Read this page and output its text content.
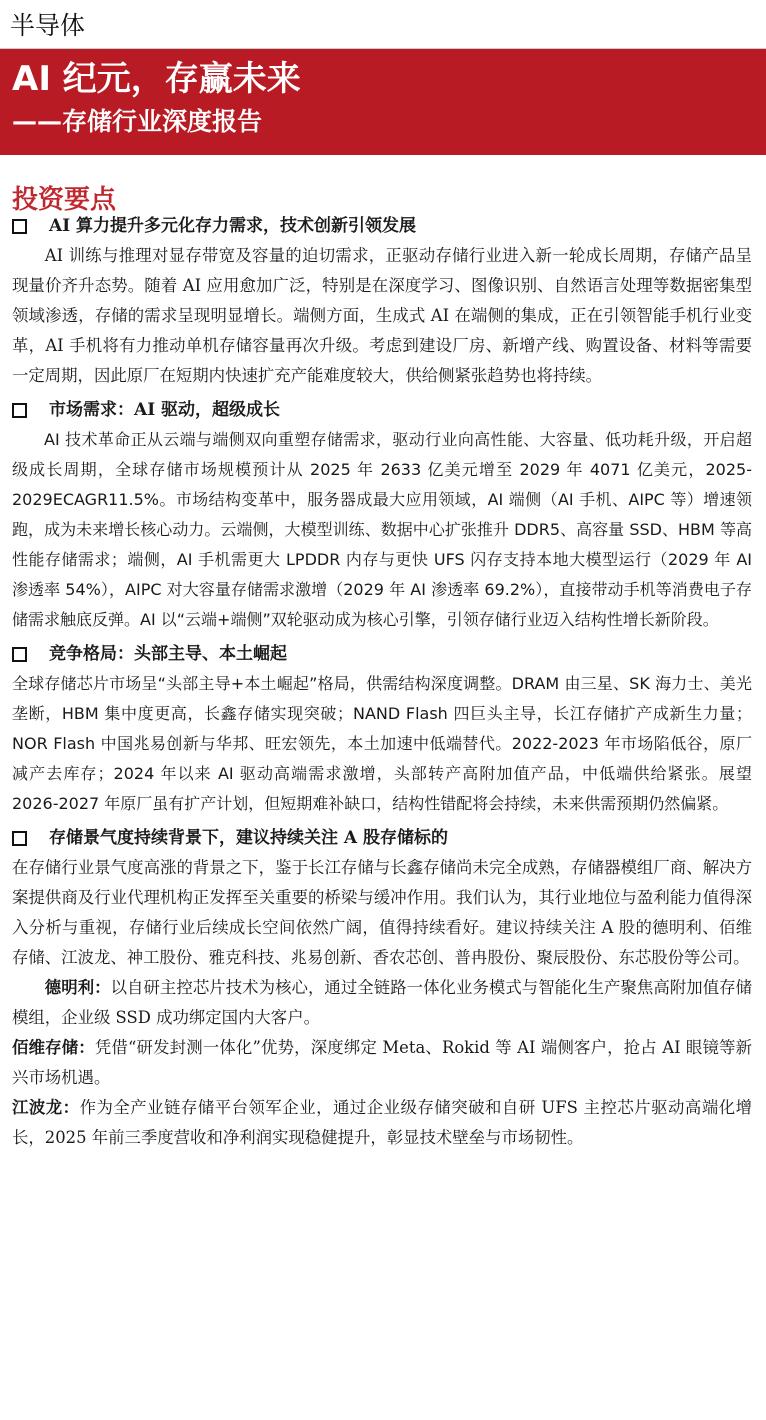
半导体
AI 纪元，存赢未来
——存储行业深度报告
投资要点
AI 算力提升多元化存力需求，技术创新引领发展

AI 训练与推理对显存带宽及容量的迫切需求，正驱动存储行业进入新一轮成长周期，存储产品呈现量价齐升态势。随着 AI 应用愈加广泛，特别是在深度学习、图像识别、自然语言处理等数据密集型领域渗透，存储的需求呈现明显增长。端侧方面，生成式 AI 在端侧的集成，正在引领智能手机行业变革，AI 手机将有力推动单机存储容量再次升级。考虑到建设厂房、新增产线、购置设备、材料等需要一定周期，因此原厂在短期内快速扩充产能难度较大，供给侧紧张趋势也将持续。

市场需求：AI 驱动，超级成长

AI 技术革命正从云端与端侧双向重塑存储需求，驱动行业向高性能、大容量、低功耗升级，开启超级成长周期，全球存储市场规模预计从 2025 年 2633 亿美元增至 2029 年 4071 亿美元，2025-2029ECAGR11.5%。市场结构变革中，服务器成最大应用领域，AI 端侧（AI 手机、AIPC 等）增速领跑，成为未来增长核心动力。云端侧，大模型训练、数据中心扩张推升 DDR5、高容量 SSD、HBM 等高性能存储需求；端侧，AI 手机需更大 LPDDR 内存与更快 UFS 闪存支持本地大模型运行（2029 年 AI 渗透率 54%），AIPC 对大容量存储需求激增（2029 年 AI 渗透率 69.2%），直接带动手机等消费电子存储需求触底反弹。AI 以“云端+端侧”双轮驱动成为核心引擎，引领存储行业迈入结构性增长新阶段。

竞争格局：头部主导、本土崛起

全球存储芯片市场呈“头部主导+本土崛起”格局，供需结构深度调整。DRAM 由三星、SK 海力士、美光垄断，HBM 集中度更高，长鑫存储实现突破；NAND Flash 四巨头主导，长江存储扩产成新生力量；NOR Flash 中国兆易创新与华邦、旺宏领先，本土加速中低端替代。2022-2023 年市场陷低谷，原厂减产去库存；2024 年以来 AI 驱动高端需求激增，头部转产高附加值产品，中低端供给紧张。展望 2026-2027 年原厂虽有扩产计划，但短期难补缺口，结构性错配将会持续，未来供需预期仍然偏紧。

存储景气度持续背景下，建议持续关注 A 股存储标的

在存储行业景气度高涨的背景之下，鉴于长江存储与长鑫存储尚未完全成熟，存储器模组厂商、解决方案提供商及行业代理机构正发挥至关重要的桥梁与缓冲作用。我们认为，其行业地位与盈利能力值得深入分析与重视，存储行业后续成长空间依然广阔，值得持续看好。建议持续关注 A 股的德明利、佰维存储、江波龙、神工股份、雅克科技、兆易创新、香农芯创、普冉股份、聚辰股份、东芯股份等公司。

德明利：以自研主控芯片技术为核心，通过全链路一体化业务模式与智能化生产聚焦高附加值存储模组，企业级 SSD 成功绑定国内大客户。

佰维存储：凭借“研发封测一体化”优势，深度绑定 Meta、Rokid 等 AI 端侧客户，抢占 AI 眼镜等新兴市场机遇。

江波龙：作为全产业链存储平台领军企业，通过企业级存储突破和自研 UFS 主控芯片驱动高端化增长，2025 年前三季度营收和净利润实现稳健提升，彰显技术壁垒与市场韧性。
